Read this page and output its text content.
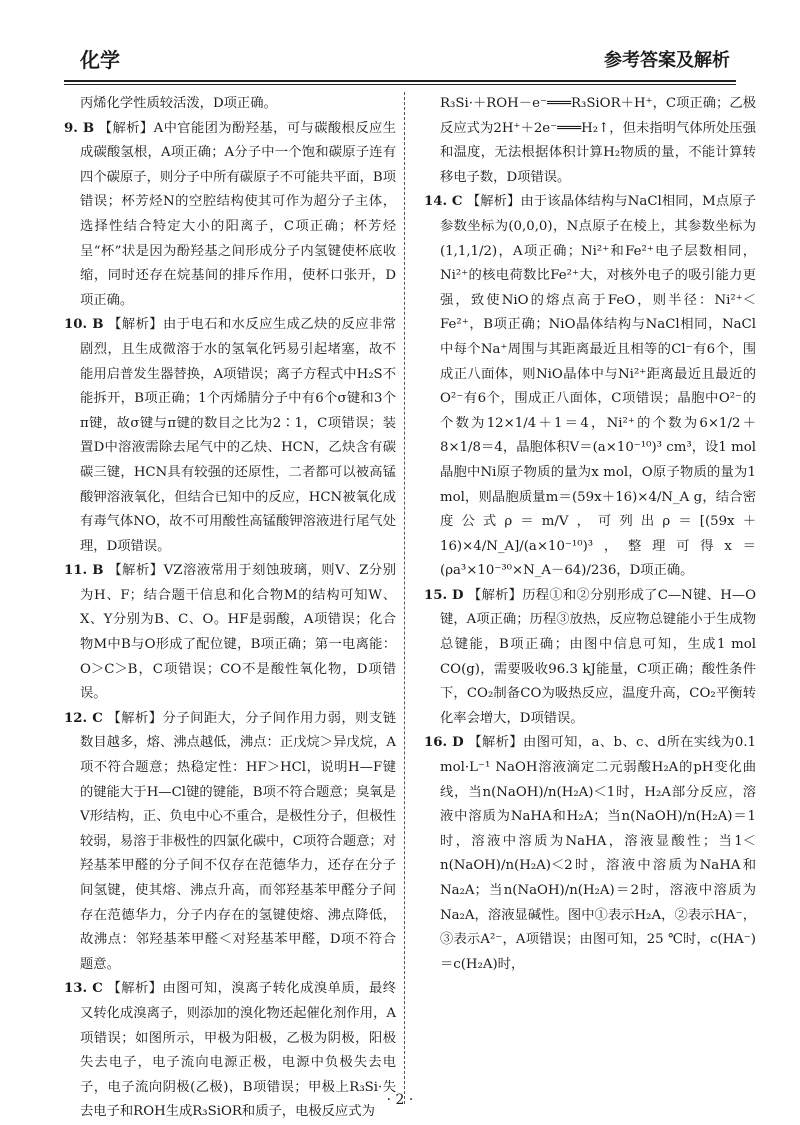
化学	参考答案及解析

丙烯化学性质较活泼，D项正确。

9. B 【解析】A中官能团为酚羟基，可与碳酸根反应生成碳酸氢根，A项正确；A分子中一个饱和碳原子连有四个碳原子，则分子中所有碳原子不可能共平面，B项错误；杯芳烃N的空腔结构使其可作为超分子主体，选择性结合特定大小的阳离子，C项正确；杯芳烃呈“杯”状是因为酚羟基之间形成分子内氢键使杯底收缩，同时还存在烷基间的排斥作用，使杯口张开，D项正确。

10. B 【解析】由于电石和水反应生成乙炔的反应非常剧烈，且生成微溶于水的氢氧化钙易引起堵塞，故不能用启普发生器替换，A项错误；离子方程式中H₂S不能拆开，B项正确；1个丙烯腈分子中有6个σ键和3个π键，故σ键与π键的数目之比为2∶1，C项错误；装置D中溶液需除去尾气中的乙炔、HCN，乙炔含有碳碳三键，HCN具有较强的还原性，二者都可以被高锰酸钾溶液氧化，但结合已知中的反应，HCN被氧化成有毒气体NO，故不可用酸性高锰酸钾溶液进行尾气处理，D项错误。

11. B 【解析】VZ溶液常用于刻蚀玻璃，则V、Z分别为H、F；结合题干信息和化合物M的结构可知W、X、Y分别为B、C、O。HF是弱酸，A项错误；化合物M中B与O形成了配位键，B项正确；第一电离能：O＞C＞B，C项错误；CO不是酸性氧化物，D项错误。

12. C 【解析】分子间距大，分子间作用力弱，则支链数目越多，熔、沸点越低，沸点：正戊烷＞异戊烷，A项不符合题意；热稳定性：HF＞HCl，说明H—F键的键能大于H—Cl键的键能，B项不符合题意；臭氧是V形结构，正、负电中心不重合，是极性分子，但极性较弱，易溶于非极性的四氯化碳中，C项符合题意；对羟基苯甲醛的分子间不仅存在范德华力，还存在分子间氢键，使其熔、沸点升高，而邻羟基苯甲醛分子间存在范德华力，分子内存在的氢键使熔、沸点降低，故沸点：邻羟基苯甲醛＜对羟基苯甲醛，D项不符合题意。

13. C 【解析】由图可知，溴离子转化成溴单质，最终又转化成溴离子，则添加的溴化物还起催化剂作用，A项错误；如图所示，甲极为阳极，乙极为阴极，阳极失去电子，电子流向电源正极，电源中负极失去电子，电子流向阴极(乙极)，B项错误；甲极上R₃Si·失去电子和ROH生成R₃SiOR和质子，电极反应式为

R₃Si·＋ROH－e⁻═══R₃SiOR＋H⁺，C项正确；乙极反应式为2H⁺＋2e⁻═══H₂↑，但未指明气体所处压强和温度，无法根据体积计算H₂物质的量，不能计算转移电子数，D项错误。

14. C 【解析】由于该晶体结构与NaCl相同，M点原子参数坐标为(0,0,0)，N点原子在棱上，其参数坐标为(1,1,1/2)，A项正确；Ni²⁺和Fe²⁺电子层数相同，Ni²⁺的核电荷数比Fe²⁺大，对核外电子的吸引能力更强，致使NiO的熔点高于FeO，则半径：Ni²⁺＜Fe²⁺，B项正确；NiO晶体结构与NaCl相同，NaCl中每个Na⁺周围与其距离最近且相等的Cl⁻有6个，围成正八面体，则NiO晶体中与Ni²⁺距离最近且最近的O²⁻有6个，围成正八面体，C项错误；晶胞中O²⁻的个数为12×1/4＋1＝4，Ni²⁺的个数为6×1/2＋8×1/8＝4，晶胞体积V＝(a×10⁻¹⁰)³ cm³，设1 mol晶胞中Ni原子物质的量为x mol，O原子物质的量为1 mol，则晶胞质量m＝(59x＋16)×4/N_A g，结合密度公式ρ＝m/V，可列出ρ＝[(59x＋16)×4/N_A]/(a×10⁻¹⁰)³，整理可得x＝(ρa³×10⁻³⁰×N_A－64)/236，D项正确。

15. D 【解析】历程①和②分别形成了C—N键、H—O键，A项正确；历程③放热，反应物总键能小于生成物总键能，B项正确；由图中信息可知，生成1 mol CO(g)，需要吸收96.3 kJ能量，C项正确；酸性条件下，CO₂制备CO为吸热反应，温度升高，CO₂平衡转化率会增大，D项错误。

16. D 【解析】由图可知，a、b、c、d所在实线为0.1 mol·L⁻¹ NaOH溶液滴定二元弱酸H₂A的pH变化曲线，当n(NaOH)/n(H₂A)＜1时，H₂A部分反应，溶液中溶质为NaHA和H₂A；当n(NaOH)/n(H₂A)＝1时，溶液中溶质为NaHA，溶液显酸性；当1＜n(NaOH)/n(H₂A)＜2时，溶液中溶质为NaHA和Na₂A；当n(NaOH)/n(H₂A)＝2时，溶液中溶质为Na₂A，溶液显碱性。图中①表示H₂A，②表示HA⁻，③表示A²⁻，A项错误；由图可知，25 ℃时，c(HA⁻)＝c(H₂A)时，

· 2 ·
